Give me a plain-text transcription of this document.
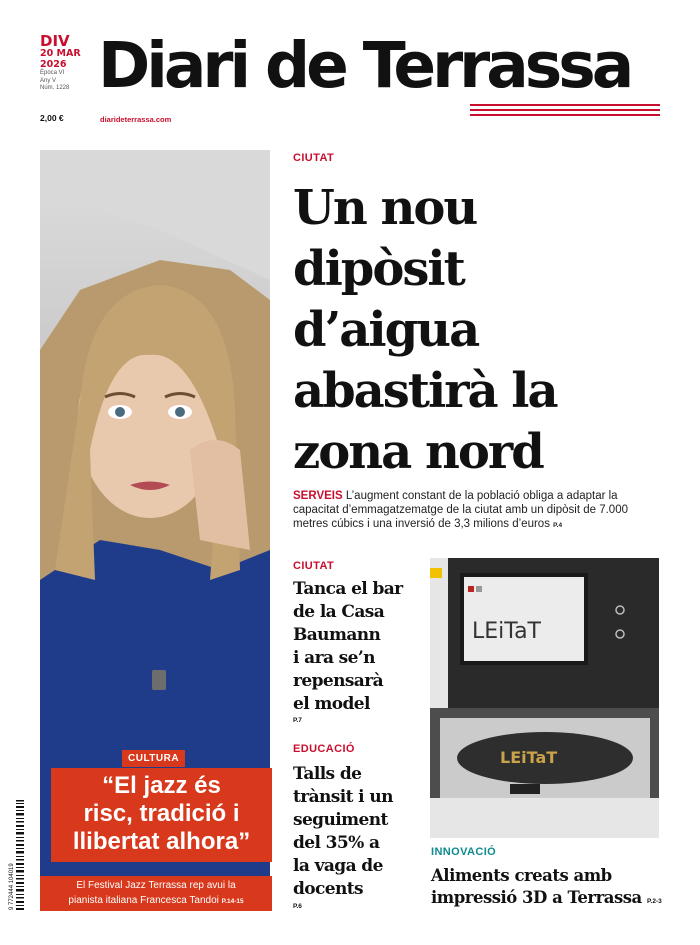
DIV
20 MAR
2026
Època VI
Any V
Núm. 1228
2,00 €
Diari de Terrassa
diarideterrassa.com
CULTURA
“El jazz és
risc, tradició i
llibertat alhora”
El Festival Jazz Terrassa rep avui la
pianista italiana Francesca Tandoi P.14-15
9 772444 104019
CIUTAT
Un nou
dipòsit
d’aigua
abastirà la
zona nord
SERVEIS L’augment constant de la població obliga a adaptar la capacitat d’emmagatzematge de la ciutat amb un dipòsit de 7.000 metres cúbics i una inversió de 3,3 milions d’euros P.4
CIUTAT
Tanca el bar
de la Casa
Baumann
i ara se’n
repensarà
el model
P.7
EDUCACIÓ
Talls de
trànsit i un
seguiment
del 35% a
la vaga de
docents
P.6
LEiTaT
LEiTaT
INNOVACIÓ
Aliments creats amb
impressió 3D a Terrassa P.2-3
